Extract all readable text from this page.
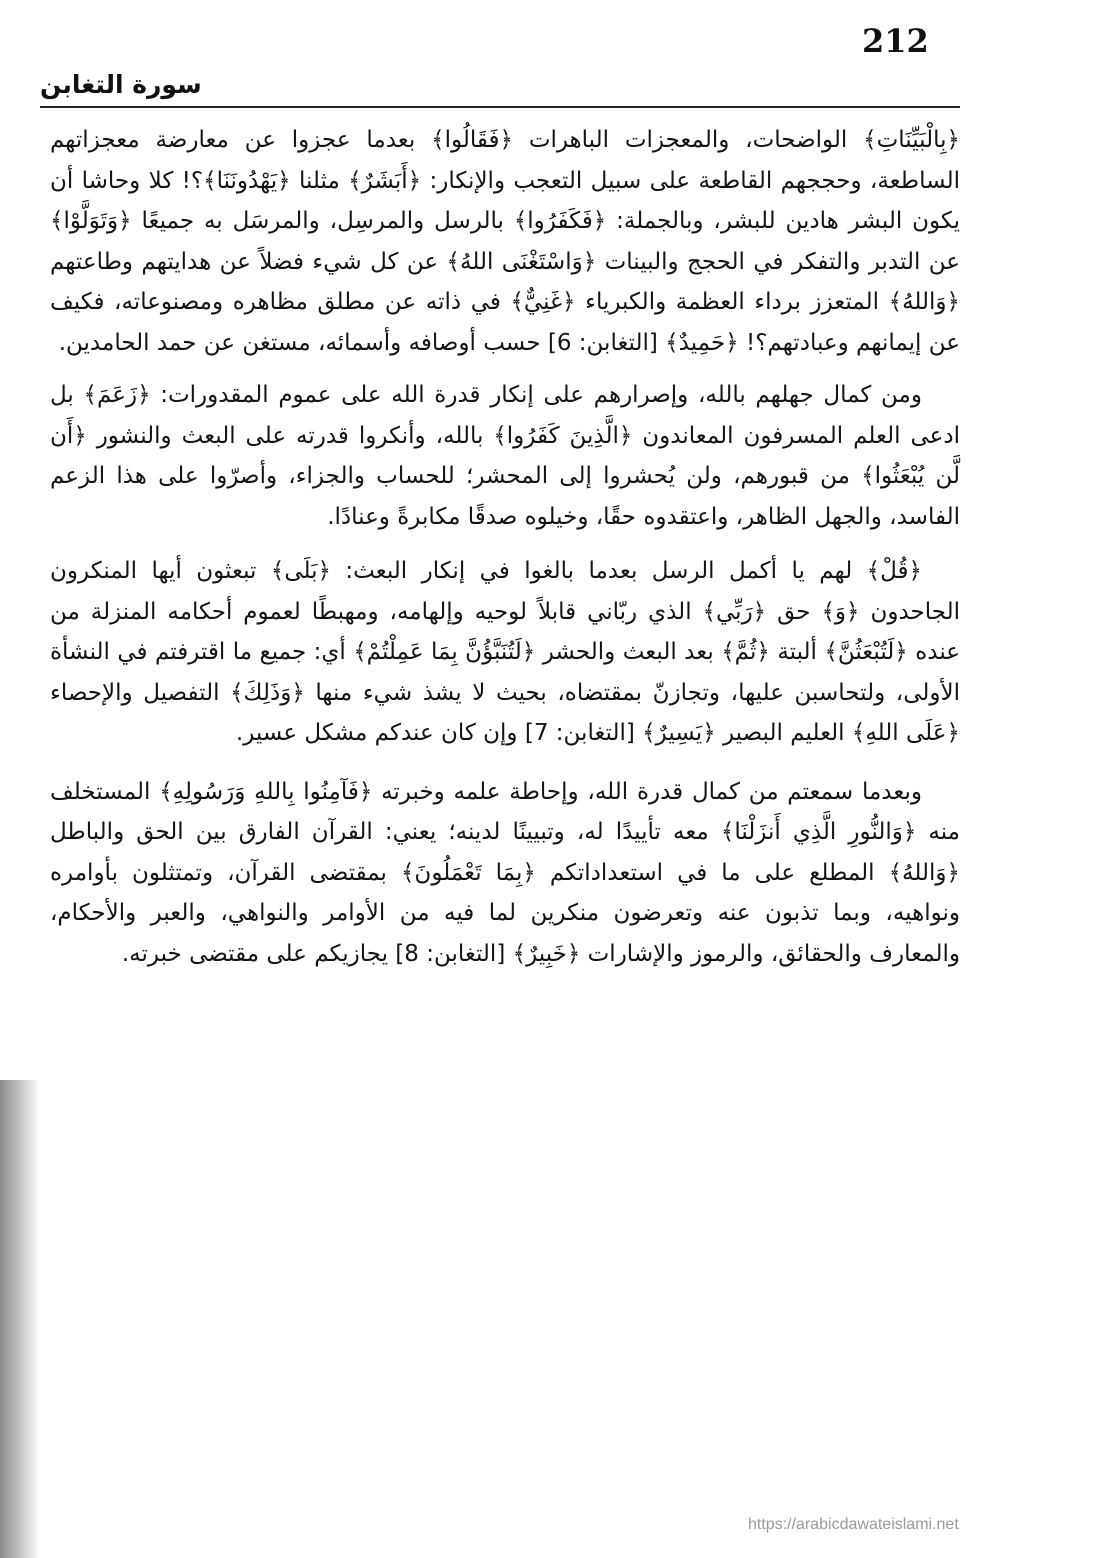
212
سورة التغابن

﴿بِالْبَيِّنَاتِ﴾ الواضحات، والمعجزات الباهرات ﴿فَقَالُوا﴾ بعدما عجزوا عن معارضة معجزاتهم الساطعة، وحججهم القاطعة على سبيل التعجب والإنكار: ﴿أَبَشَرٌ﴾ مثلنا ﴿يَهْدُونَنَا﴾؟! كلا وحاشا أن يكون البشر هادين للبشر، وبالجملة: ﴿فَكَفَرُوا﴾ بالرسل والمرسِل، والمرسَل به جميعًا ﴿وَتَوَلَّوْا﴾ عن التدبر والتفكر في الحجج والبينات ﴿وَاسْتَغْنَى اللهُ﴾ عن كل شيء فضلاً عن هدايتهم وطاعتهم ﴿وَاللهُ﴾ المتعزز برداء العظمة والكبرياء ﴿غَنِيٌّ﴾ في ذاته عن مطلق مظاهره ومصنوعاته، فكيف عن إيمانهم وعبادتهم؟! ﴿حَمِيدٌ﴾ [التغابن: 6] حسب أوصافه وأسمائه، مستغن عن حمد الحامدين.

ومن كمال جهلهم بالله، وإصرارهم على إنكار قدرة الله على عموم المقدورات: ﴿زَعَمَ﴾ بل ادعى العلم المسرفون المعاندون ﴿الَّذِينَ كَفَرُوا﴾ بالله، وأنكروا قدرته على البعث والنشور ﴿أَن لَّن يُبْعَثُوا﴾ من قبورهم، ولن يُحشروا إلى المحشر؛ للحساب والجزاء، وأصرّوا على هذا الزعم الفاسد، والجهل الظاهر، واعتقدوه حقًا، وخيلوه صدقًا مكابرةً وعنادًا.

﴿قُلْ﴾ لهم يا أكمل الرسل بعدما بالغوا في إنكار البعث: ﴿بَلَى﴾ تبعثون أيها المنكرون الجاحدون ﴿وَ﴾ حق ﴿رَبِّي﴾ الذي ربّاني قابلاً لوحيه وإلهامه، ومهبطًا لعموم أحكامه المنزلة من عنده ﴿لَتُبْعَثُنَّ﴾ ألبتة ﴿ثُمَّ﴾ بعد البعث والحشر ﴿لَتُنَبَّؤُنَّ بِمَا عَمِلْتُمْ﴾ أي: جميع ما اقترفتم في النشأة الأولى، ولتحاسبن عليها، وتجازنّ بمقتضاه، بحيث لا يشذ شيء منها ﴿وَذَلِكَ﴾ التفصيل والإحصاء ﴿عَلَى اللهِ﴾ العليم البصير ﴿يَسِيرٌ﴾ [التغابن: 7] وإن كان عندكم مشكل عسير.

وبعدما سمعتم من كمال قدرة الله، وإحاطة علمه وخبرته ﴿فَآمِنُوا بِاللهِ وَرَسُولِهِ﴾ المستخلف منه ﴿وَالنُّورِ الَّذِي أَنزَلْنَا﴾ معه تأييدًا له، وتبيينًا لدينه؛ يعني: القرآن الفارق بين الحق والباطل ﴿وَاللهُ﴾ المطلع على ما في استعداداتكم ﴿بِمَا تَعْمَلُونَ﴾ بمقتضى القرآن، وتمتثلون بأوامره ونواهيه، وبما تذبون عنه وتعرضون منكرين لما فيه من الأوامر والنواهي، والعبر والأحكام، والمعارف والحقائق، والرموز والإشارات ﴿خَبِيرٌ﴾ [التغابن: 8] يجازيكم على مقتضى خبرته.

https://arabicdawateislami.net
